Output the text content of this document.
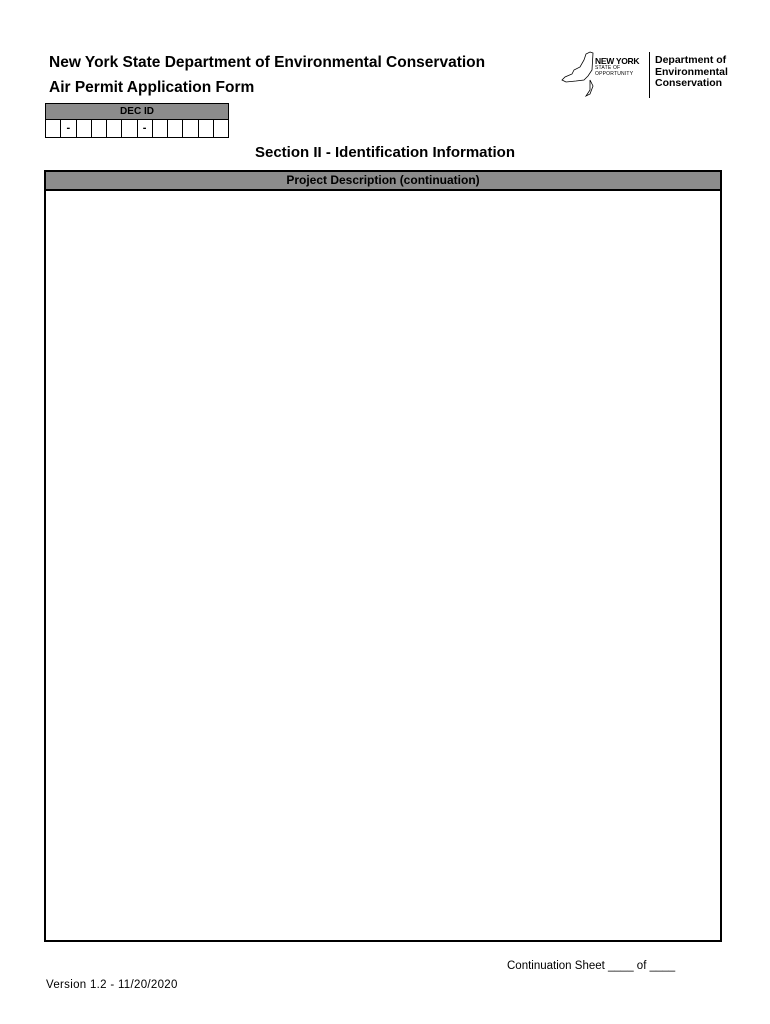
New York State Department of Environmental Conservation
Air Permit Application Form
NEW YORK
STATE OF
OPPORTUNITY
Department of
Environmental
Conservation
DEC ID
-	-
Section II - Identification Information
Project Description (continuation)
Continuation Sheet ____ of ____
Version 1.2 - 11/20/2020
